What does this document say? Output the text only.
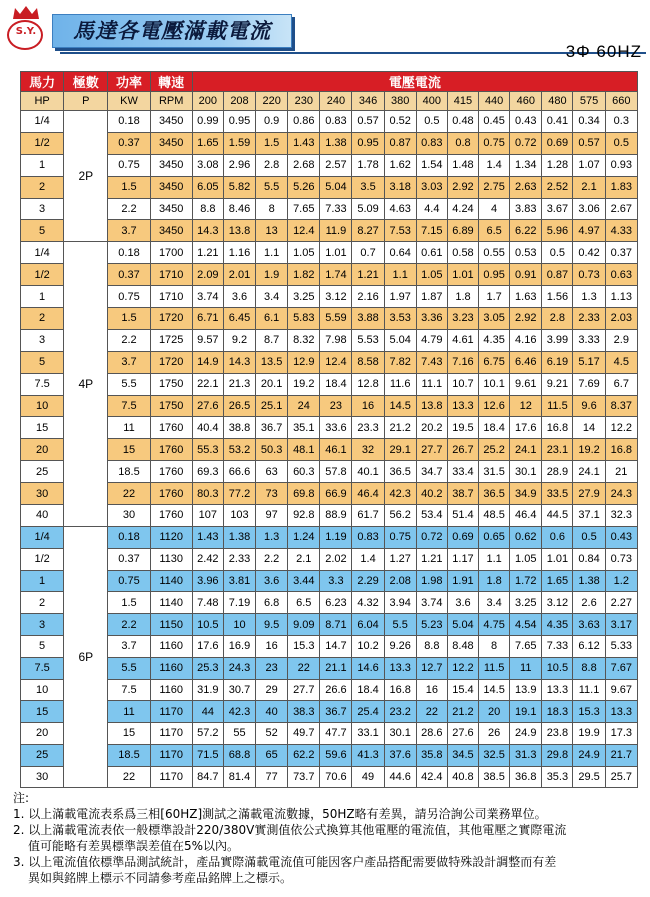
S.Y.	馬達各電壓滿載電流
3Φ 60HZ
馬力	極數	功率	轉速	電壓電流													
HP	P	KW	RPM	200	208	220	230	240	346	380	400	415	440	460	480	575	660
1/4	2P	0.18	3450	0.99	0.95	0.9	0.86	0.83	0.57	0.52	0.5	0.48	0.45	0.43	0.41	0.34	0.3
1/2		0.37	3450	1.65	1.59	1.5	1.43	1.38	0.95	0.87	0.83	0.8	0.75	0.72	0.69	0.57	0.5
1		0.75	3450	3.08	2.96	2.8	2.68	2.57	1.78	1.62	1.54	1.48	1.4	1.34	1.28	1.07	0.93
2		1.5	3450	6.05	5.82	5.5	5.26	5.04	3.5	3.18	3.03	2.92	2.75	2.63	2.52	2.1	1.83
3		2.2	3450	8.8	8.46	8	7.65	7.33	5.09	4.63	4.4	4.24	4	3.83	3.67	3.06	2.67
5		3.7	3450	14.3	13.8	13	12.4	11.9	8.27	7.53	7.15	6.89	6.5	6.22	5.96	4.97	4.33
1/4	4P	0.18	1700	1.21	1.16	1.1	1.05	1.01	0.7	0.64	0.61	0.58	0.55	0.53	0.5	0.42	0.37
1/2		0.37	1710	2.09	2.01	1.9	1.82	1.74	1.21	1.1	1.05	1.01	0.95	0.91	0.87	0.73	0.63
1		0.75	1710	3.74	3.6	3.4	3.25	3.12	2.16	1.97	1.87	1.8	1.7	1.63	1.56	1.3	1.13
2		1.5	1720	6.71	6.45	6.1	5.83	5.59	3.88	3.53	3.36	3.23	3.05	2.92	2.8	2.33	2.03
3		2.2	1725	9.57	9.2	8.7	8.32	7.98	5.53	5.04	4.79	4.61	4.35	4.16	3.99	3.33	2.9
5		3.7	1720	14.9	14.3	13.5	12.9	12.4	8.58	7.82	7.43	7.16	6.75	6.46	6.19	5.17	4.5
7.5		5.5	1750	22.1	21.3	20.1	19.2	18.4	12.8	11.6	11.1	10.7	10.1	9.61	9.21	7.69	6.7
10		7.5	1750	27.6	26.5	25.1	24	23	16	14.5	13.8	13.3	12.6	12	11.5	9.6	8.37
15		11	1760	40.4	38.8	36.7	35.1	33.6	23.3	21.2	20.2	19.5	18.4	17.6	16.8	14	12.2
20		15	1760	55.3	53.2	50.3	48.1	46.1	32	29.1	27.7	26.7	25.2	24.1	23.1	19.2	16.8
25		18.5	1760	69.3	66.6	63	60.3	57.8	40.1	36.5	34.7	33.4	31.5	30.1	28.9	24.1	21
30		22	1760	80.3	77.2	73	69.8	66.9	46.4	42.3	40.2	38.7	36.5	34.9	33.5	27.9	24.3
40		30	1760	107	103	97	92.8	88.9	61.7	56.2	53.4	51.4	48.5	46.4	44.5	37.1	32.3
1/4	6P	0.18	1120	1.43	1.38	1.3	1.24	1.19	0.83	0.75	0.72	0.69	0.65	0.62	0.6	0.5	0.43
1/2		0.37	1130	2.42	2.33	2.2	2.1	2.02	1.4	1.27	1.21	1.17	1.1	1.05	1.01	0.84	0.73
1		0.75	1140	3.96	3.81	3.6	3.44	3.3	2.29	2.08	1.98	1.91	1.8	1.72	1.65	1.38	1.2
2		1.5	1140	7.48	7.19	6.8	6.5	6.23	4.32	3.94	3.74	3.6	3.4	3.25	3.12	2.6	2.27
3		2.2	1150	10.5	10	9.5	9.09	8.71	6.04	5.5	5.23	5.04	4.75	4.54	4.35	3.63	3.17
5		3.7	1160	17.6	16.9	16	15.3	14.7	10.2	9.26	8.8	8.48	8	7.65	7.33	6.12	5.33
7.5		5.5	1160	25.3	24.3	23	22	21.1	14.6	13.3	12.7	12.2	11.5	11	10.5	8.8	7.67
10		7.5	1160	31.9	30.7	29	27.7	26.6	18.4	16.8	16	15.4	14.5	13.9	13.3	11.1	9.67
15		11	1170	44	42.3	40	38.3	36.7	25.4	23.2	22	21.2	20	19.1	18.3	15.3	13.3
20		15	1170	57.2	55	52	49.7	47.7	33.1	30.1	28.6	27.6	26	24.9	23.8	19.9	17.3
25		18.5	1170	71.5	68.8	65	62.2	59.6	41.3	37.6	35.8	34.5	32.5	31.3	29.8	24.9	21.7
30		22	1170	84.7	81.4	77	73.7	70.6	49	44.6	42.4	40.8	38.5	36.8	35.3	29.5	25.7
注:
1. 以上滿載電流表系爲三相[60HZ]測試之滿載電流數據，50HZ略有差異，請另洽詢公司業務單位。
2. 以上滿載電流表依一般標準設計220/380V實測值依公式換算其他電壓的電流值，其他電壓之實際電流
值可能略有差異標準誤差值在5%以內。
3. 以上電流值依標準品測試統計，產品實際滿載電流值可能因客户產品搭配需要做特殊設計調整而有差
異如與銘牌上標示不同請參考産品銘牌上之標示。
